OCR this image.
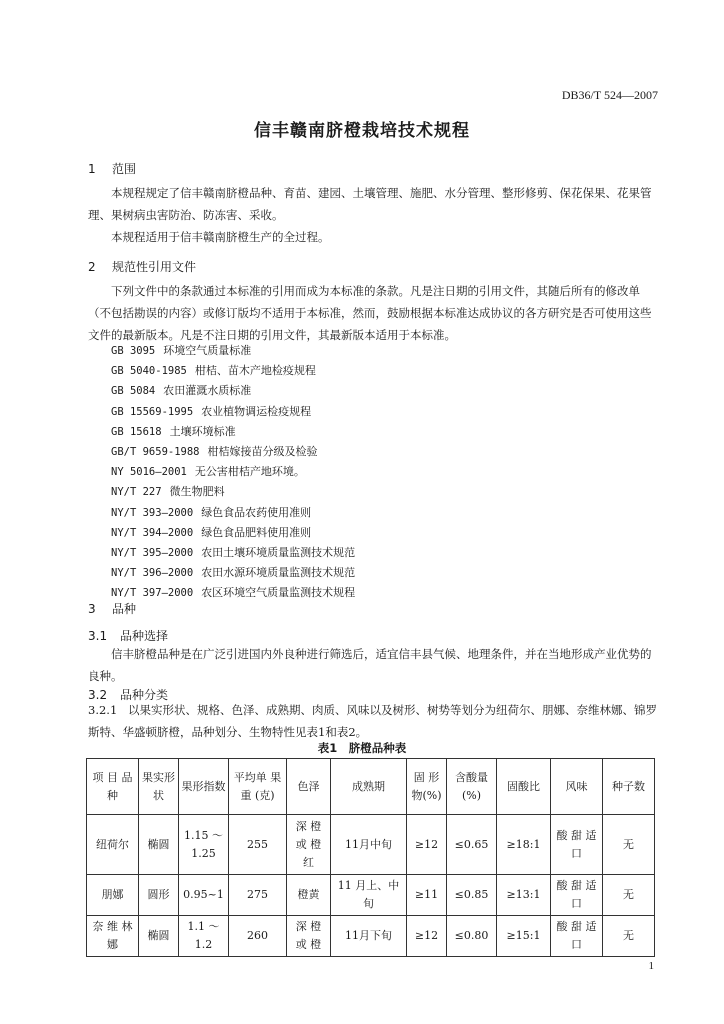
DB36/T 524—2007
信丰赣南脐橙栽培技术规程
1 范围
本规程规定了信丰赣南脐橙品种、育苗、建园、土壤管理、施肥、水分管理、整形修剪、保花保果、花果管理、果树病虫害防治、防冻害、采收。
本规程适用于信丰赣南脐橙生产的全过程。
2 规范性引用文件
下列文件中的条款通过本标准的引用而成为本标准的条款。凡是注日期的引用文件，其随后所有的修改单（不包括勘误的内容）或修订版均不适用于本标准，然而，鼓励根据本标准达成协议的各方研究是否可使用这些文件的最新版本。凡是不注日期的引用文件，其最新版本适用于本标准。
GB 3095 环境空气质量标准
GB 5040-1985 柑桔、苗木产地检疫规程
GB 5084 农田灌溉水质标准
GB 15569-1995 农业植物调运检疫规程
GB 15618 土壤环境标准
GB/T 9659-1988 柑桔嫁接苗分级及检验
NY 5016—2001 无公害柑桔产地环境。
NY/T 227 微生物肥料
NY/T 393—2000 绿色食品农药使用准则
NY/T 394—2000 绿色食品肥料使用准则
NY/T 395—2000 农田土壤环境质量监测技术规范
NY/T 396—2000 农田水源环境质量监测技术规范
NY/T 397—2000 农区环境空气质量监测技术规程
3 品种
3.1 品种选择
信丰脐橙品种是在广泛引进国内外良种进行筛选后，适宜信丰县气候、地理条件，并在当地形成产业优势的良种。
3.2 品种分类
3.2.1 以果实形状、规格、色泽、成熟期、肉质、风味以及树形、树势等划分为纽荷尔、朋娜、奈维林娜、锦罗斯特、华盛顿脐橙，品种划分、生物特性见表1和表2。
表1　脐橙品种表
项 目 品 种	果实形状	果形指数	平均单 果 重 (克)	色泽	成熟期	固 形 物(%)	含酸量(%)	固酸比	风味	种子数
纽荷尔	椭圆	1.15 ～ 1.25	255	深 橙 或 橙 红	11月中旬	≥12	≤0.65	≥18:1	酸 甜 适口	无
朋娜	圆形	0.95~1	275	橙黄	11 月上、中旬	≥11	≤0.85	≥13:1	酸 甜 适口	无
奈 维 林娜	椭圆	1.1 ～ 1.2	260	深 橙 或 橙	11月下旬	≥12	≤0.80	≥15:1	酸 甜 适口	无
1
